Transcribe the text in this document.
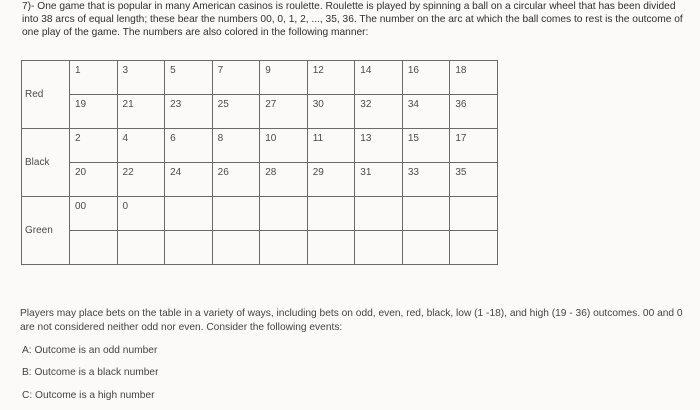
7)- One game that is popular in many American casinos is roulette. Roulette is played by spinning a ball on a circular wheel that has been divided into 38 arcs of equal length; these bear the numbers 00, 0, 1, 2, ..., 35, 36. The number on the arc at which the ball comes to rest is the outcome of one play of the game. The numbers are also colored in the following manner:
Red	1	3	5	7	9	12	14	16	18
	19	21	23	25	27	30	32	34	36
Black	2	4	6	8	10	11	13	15	17
	20	22	24	26	28	29	31	33	35
Green	00	0							

Players may place bets on the table in a variety of ways, including bets on odd, even, red, black, low (1 -18), and high (19 - 36) outcomes. 00 and 0 are not considered neither odd nor even. Consider the following events:
A: Outcome is an odd number
B: Outcome is a black number
C: Outcome is a high number
